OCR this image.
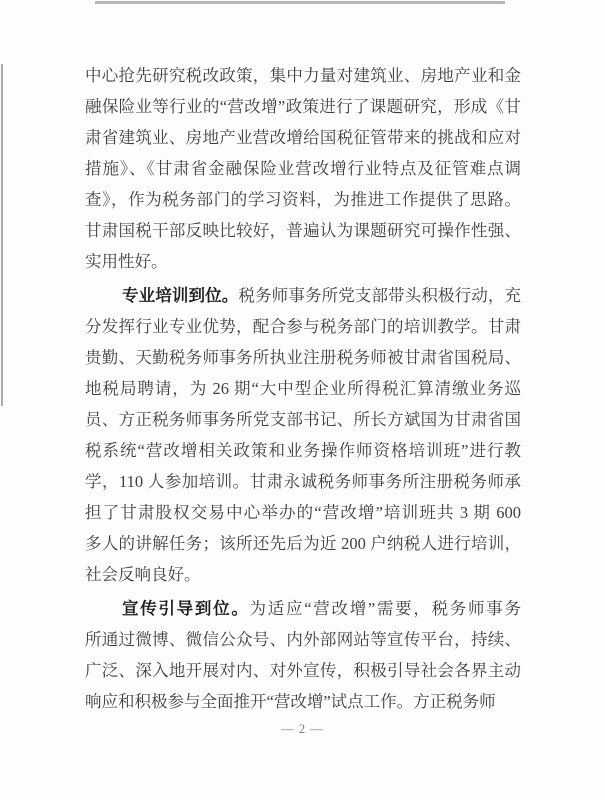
中心抢先研究税改政策，集中力量对建筑业、房地产业和金
融保险业等行业的“营改增”政策进行了课题研究，形成《甘
肃省建筑业、房地产业营改增给国税征管带来的挑战和应对
措施》、《甘肃省金融保险业营改增行业特点及征管难点调
查》，作为税务部门的学习资料，为推进工作提供了思路。
甘肃国税干部反映比较好，普遍认为课题研究可操作性强、
实用性好。
专业培训到位。税务师事务所党支部带头积极行动，充
分发挥行业专业优势，配合参与税务部门的培训教学。甘肃
贵勤、天勤税务师事务所执业注册税务师被甘肃省国税局、
地税局聘请，为 26 期“大中型企业所得税汇算清缴业务巡
员、方正税务师事务所党支部书记、所长方斌国为甘肃省国
税系统“营改增相关政策和业务操作师资格培训班”进行教
学，110 人参加培训。甘肃永诚税务师事务所注册税务师承
担了甘肃股权交易中心举办的“营改增”培训班共 3 期 600
多人的讲解任务；该所还先后为近 200 户纳税人进行培训，
社会反响良好。
宣传引导到位。为适应“营改增”需要，税务师事务
所通过微博、微信公众号、内外部网站等宣传平台，持续、
广泛、深入地开展对内、对外宣传，积极引导社会各界主动
响应和积极参与全面推开“营改增”试点工作。方正税务师
— 2 —
